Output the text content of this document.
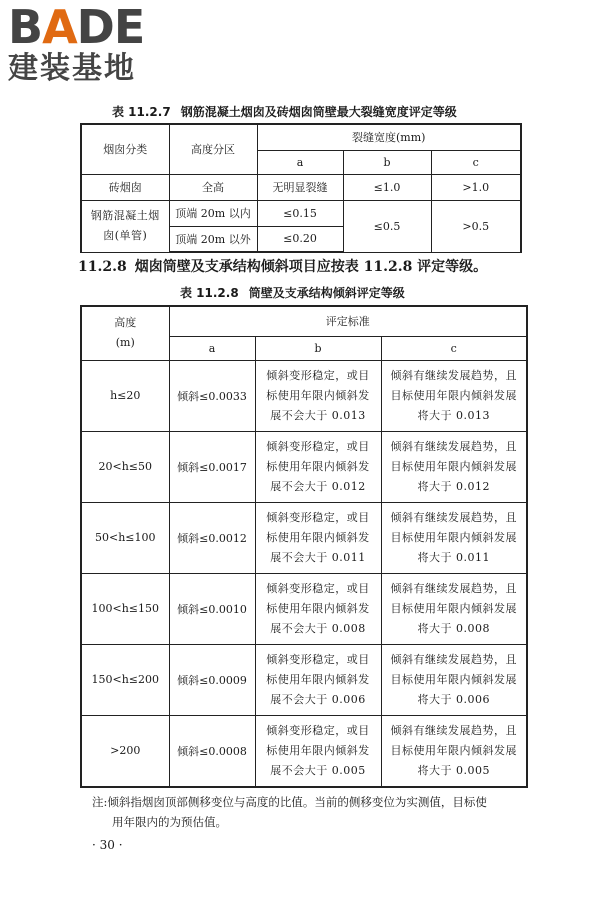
BADE
建装基地
表 11.2.7 钢筋混凝土烟囱及砖烟囱筒壁最大裂缝宽度评定等级
烟囱分类	高度分区	裂缝宽度(mm)		
		a	b	c
砖烟囱	全高	无明显裂缝	≤1.0	>1.0
钢筋混凝土烟囱(单管)	顶端 20m 以内	≤0.15	≤0.5	>0.5
	顶端 20m 以外	≤0.20		
11.2.8 烟囱筒壁及支承结构倾斜项目应按表 11.2.8 评定等级。
表 11.2.8 筒壁及支承结构倾斜评定等级
高度
(m)	评定标准		
	a	b	c
h≤20	倾斜≤0.0033	倾斜变形稳定，或目标使用年限内倾斜发展不会大于 0.013	倾斜有继续发展趋势，且目标使用年限内倾斜发展将大于 0.013
20<h≤50	倾斜≤0.0017	倾斜变形稳定，或目标使用年限内倾斜发展不会大于 0.012	倾斜有继续发展趋势，且目标使用年限内倾斜发展将大于 0.012
50<h≤100	倾斜≤0.0012	倾斜变形稳定，或目标使用年限内倾斜发展不会大于 0.011	倾斜有继续发展趋势，且目标使用年限内倾斜发展将大于 0.011
100<h≤150	倾斜≤0.0010	倾斜变形稳定，或目标使用年限内倾斜发展不会大于 0.008	倾斜有继续发展趋势，且目标使用年限内倾斜发展将大于 0.008
150<h≤200	倾斜≤0.0009	倾斜变形稳定，或目标使用年限内倾斜发展不会大于 0.006	倾斜有继续发展趋势，且目标使用年限内倾斜发展将大于 0.006
>200	倾斜≤0.0008	倾斜变形稳定，或目标使用年限内倾斜发展不会大于 0.005	倾斜有继续发展趋势，且目标使用年限内倾斜发展将大于 0.005
注:倾斜指烟囱顶部侧移变位与高度的比值。当前的侧移变位为实测值，目标使
用年限内的为预估值。
· 30 ·
